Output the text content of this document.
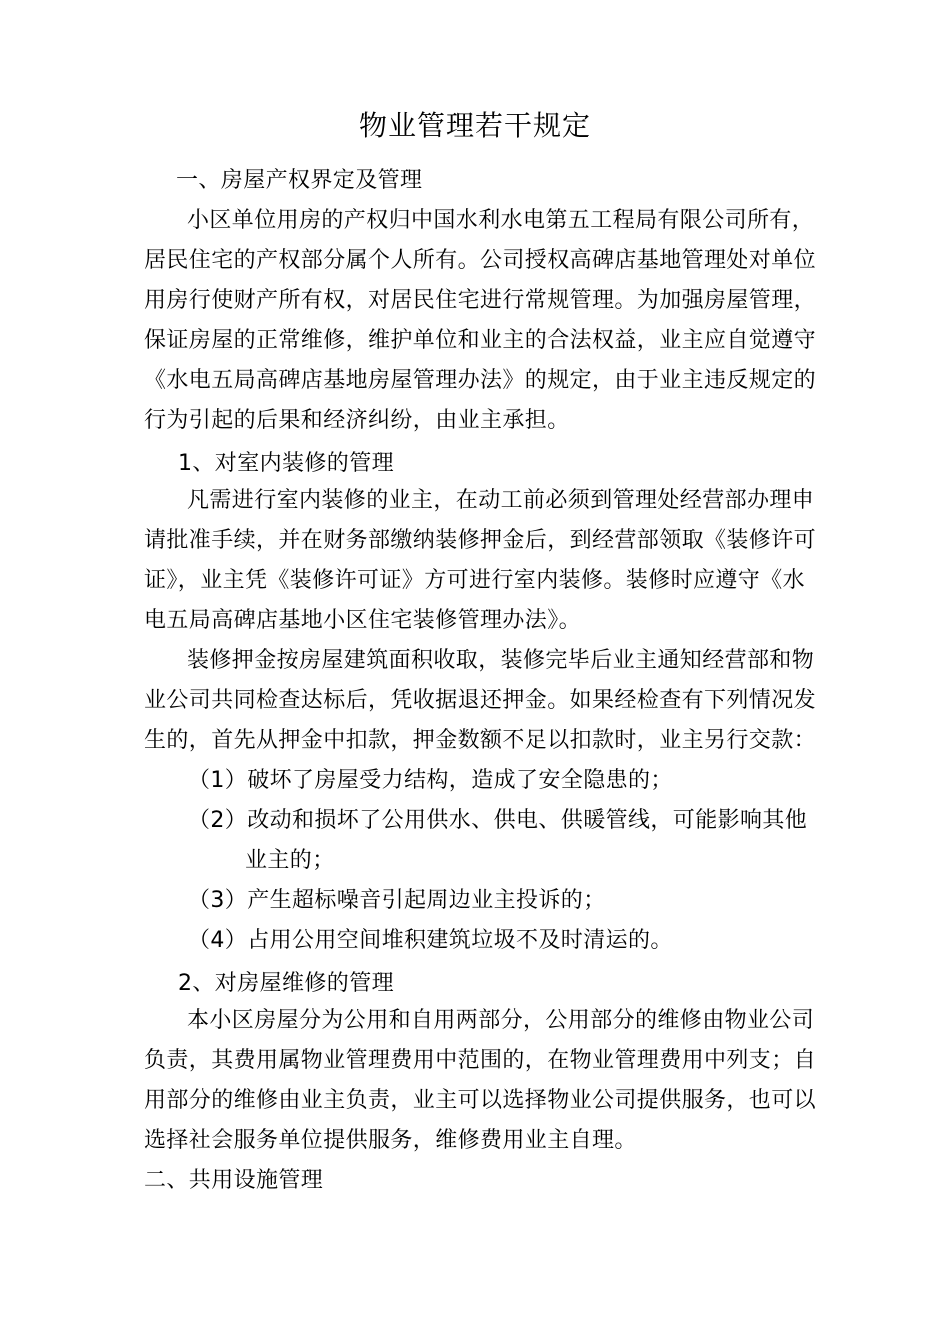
物业管理若干规定
一、房屋产权界定及管理
小区单位用房的产权归中国水利水电第五工程局有限公司所有，
居民住宅的产权部分属个人所有。公司授权高碑店基地管理处对单位
用房行使财产所有权，对居民住宅进行常规管理。为加强房屋管理，
保证房屋的正常维修，维护单位和业主的合法权益，业主应自觉遵守
《水电五局高碑店基地房屋管理办法》的规定，由于业主违反规定的
行为引起的后果和经济纠纷，由业主承担。
1、对室内装修的管理
凡需进行室内装修的业主，在动工前必须到管理处经营部办理申
请批准手续，并在财务部缴纳装修押金后，到经营部领取《装修许可
证》，业主凭《装修许可证》方可进行室内装修。装修时应遵守《水
电五局高碑店基地小区住宅装修管理办法》。
装修押金按房屋建筑面积收取，装修完毕后业主通知经营部和物
业公司共同检查达标后，凭收据退还押金。如果经检查有下列情况发
生的，首先从押金中扣款，押金数额不足以扣款时，业主另行交款：
（1）破坏了房屋受力结构，造成了安全隐患的；
（2）改动和损坏了公用供水、供电、供暖管线，可能影响其他
业主的；
（3）产生超标噪音引起周边业主投诉的；
（4）占用公用空间堆积建筑垃圾不及时清运的。
2、对房屋维修的管理
本小区房屋分为公用和自用两部分，公用部分的维修由物业公司
负责，其费用属物业管理费用中范围的，在物业管理费用中列支；自
用部分的维修由业主负责，业主可以选择物业公司提供服务，也可以
选择社会服务单位提供服务，维修费用业主自理。
二、共用设施管理
